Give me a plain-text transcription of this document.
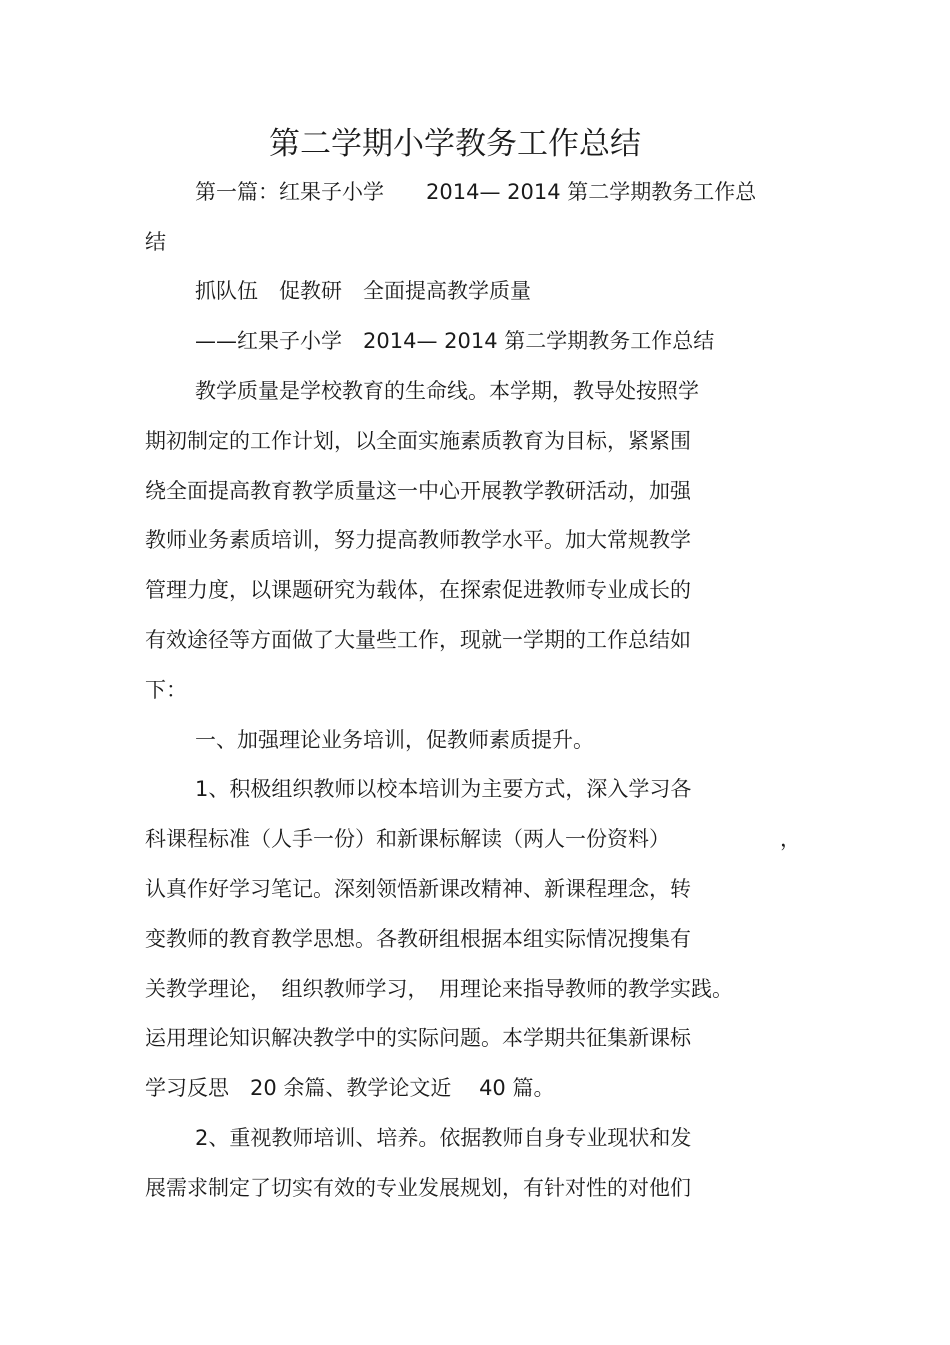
第二学期小学教务工作总结
第一篇：红果子小学　　2014— 2014 第二学期教务工作总
结
抓队伍　促教研　全面提高教学质量
——红果子小学　2014— 2014 第二学期教务工作总结
教学质量是学校教育的生命线。本学期，教导处按照学
期初制定的工作计划，以全面实施素质教育为目标，紧紧围
绕全面提高教育教学质量这一中心开展教学教研活动，加强
教师业务素质培训，努力提高教师教学水平。加大常规教学
管理力度，以课题研究为载体，在探索促进教师专业成长的
有效途径等方面做了大量些工作，现就一学期的工作总结如
下：
一、加强理论业务培训，促教师素质提升。
1、积极组织教师以校本培训为主要方式，深入学习各
科课程标准（人手一份）和新课标解读（两人一份资料）	，
认真作好学习笔记。深刻领悟新课改精神、新课程理念，转
变教师的教育教学思想。各教研组根据本组实际情况搜集有
关教学理论，　组织教师学习，　用理论来指导教师的教学实践。
运用理论知识解决教学中的实际问题。本学期共征集新课标
学习反思　20 余篇、教学论文近　 40 篇。
2、重视教师培训、培养。依据教师自身专业现状和发
展需求制定了切实有效的专业发展规划，有针对性的对他们
